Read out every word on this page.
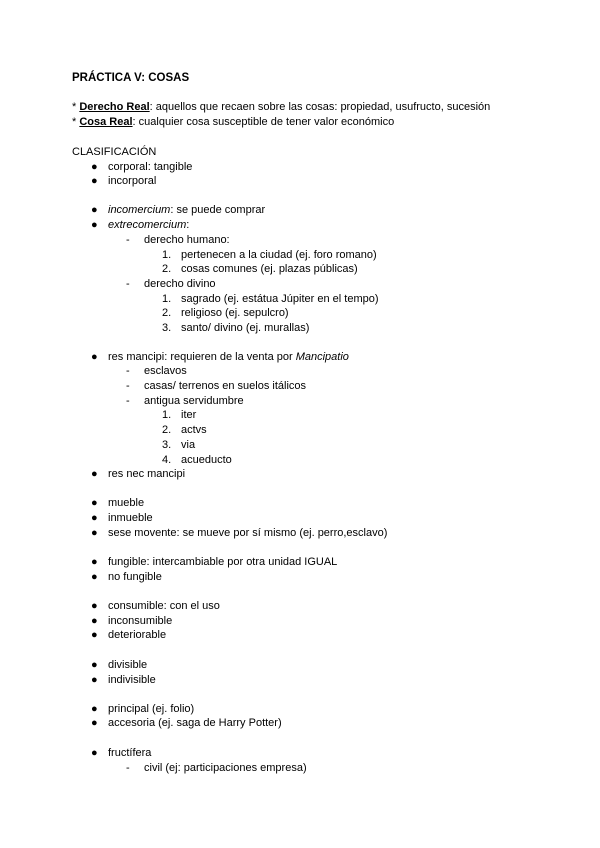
PRÁCTICA V: COSAS
* Derecho Real: aquellos que recaen sobre las cosas: propiedad, usufructo, sucesión
* Cosa Real: cualquier cosa susceptible de tener valor económico
CLASIFICACIÓN
● corporal: tangible
● incorporal
● incomercium: se puede comprar
● extrecomercium:
- derecho humano:
1. pertenecen a la ciudad (ej. foro romano)
2. cosas comunes (ej. plazas públicas)
- derecho divino
1. sagrado (ej. estátua Júpiter en el tempo)
2. religioso (ej. sepulcro)
3. santo/ divino (ej. murallas)
● res mancipi: requieren de la venta por Mancipatio
- esclavos
- casas/ terrenos en suelos itálicos
- antigua servidumbre
1. iter
2. actvs
3. via
4. acueducto
● res nec mancipi
● mueble
● inmueble
● sese movente: se mueve por sí mismo (ej. perro,esclavo)
● fungible: intercambiable por otra unidad IGUAL
● no fungible
● consumible: con el uso
● inconsumible
● deteriorable
● divisible
● indivisible
● principal (ej. folio)
● accesoria (ej. saga de Harry Potter)
● fructífera
- civil (ej: participaciones empresa)
